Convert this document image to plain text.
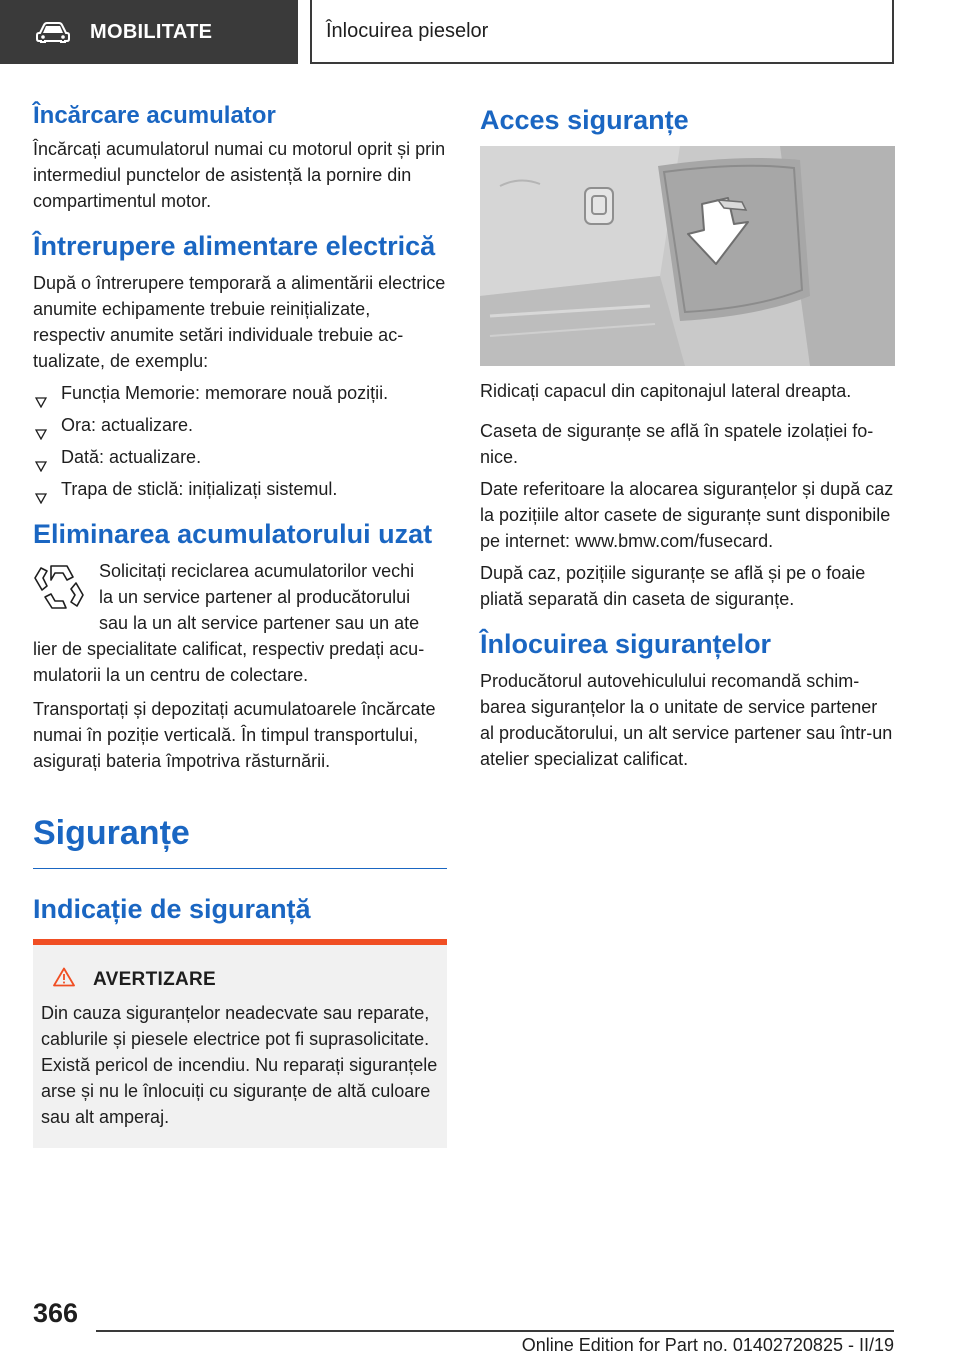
MOBILITATE	Înlocuirea pieselor
Încărcare acumulator

Încărcați acumulatorul numai cu motorul oprit și prin intermediul punctelor de asistență la pornire din compartimentul motor.

Întrerupere alimentare electrică

După o întrerupere temporară a alimentării electrice anumite echipamente trebuie reinițializate, respectiv anumite setări individuale trebuie actualizate, de exemplu:

Funcția Memorie: memorare nouă poziții.
Ora: actualizare.
Dată: actualizare.
Trapa de sticlă: inițializați sistemul.
Eliminarea acumulatorului uzat

Solicitați reciclarea acumulatorilor vechi

la un service partener al producătorului

sau la un alt service partener sau un ate

lier de specialitate calificat, respectiv predați acumulatorii la un centru de colectare.

Transportați și depozitați acumulatoarele încărcate numai în poziție verticală. În timpul transportului, asigurați bateria împotriva răsturnării.

Siguranțe
Indicație de siguranță
AVERTIZARE

Din cauza siguranțelor neadecvate sau reparate, cablurile și piesele electrice pot fi suprasolicitate. Există pericol de incendiu. Nu reparați siguranțele arse și nu le înlocuiți cu siguranțe de altă culoare sau alt amperaj.

Acces siguranțe

Ridicați capacul din capitonajul lateral dreapta.

Caseta de siguranțe se află în spatele izolației fonice.

Date referitoare la alocarea siguranțelor și după caz la pozițiile altor casete de siguranțe sunt disponibile pe internet: www.bmw.com/fusecard.

După caz, pozițiile siguranțe se află și pe o foaie pliată separată din caseta de siguranțe.

Înlocuirea siguranțelor

Producătorul autovehiculului recomandă schimbarea siguranțelor la o unitate de service partener al producătorului, un alt service partener sau într-un atelier specializat calificat.

366
Online Edition for Part no. 01402720825 - II/19
